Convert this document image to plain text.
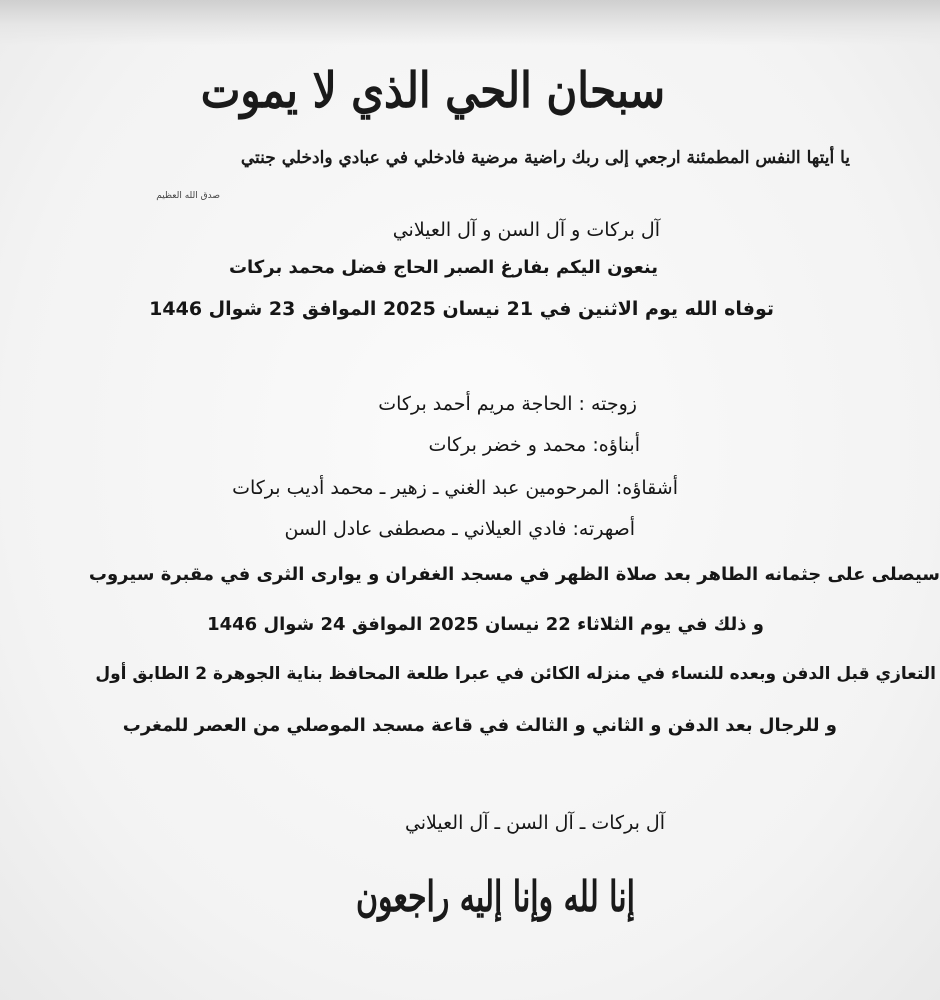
سبحان الحي الذي لا يموت
يا أيتها النفس المطمئنة ارجعي إلى ربك راضية مرضية فادخلي في عبادي وادخلي جنتي
صدق الله العظيم

آل بركات و آل السن و آل العيلاني

ينعون اليكم بفارغ الصبر الحاج فضل محمد بركات

توفاه الله يوم الاثنين في 21 نيسان 2025 الموافق 23 شوال 1446

زوجته : الحاجة مريم أحمد بركات

أبناؤه: محمد و خضر بركات

أشقاؤه: المرحومين عبد الغني ـ زهير ـ محمد أديب بركات

أصهرته: فادي العيلاني ـ مصطفى عادل السن

سيصلى على جثمانه الطاهر بعد صلاة الظهر في مسجد الغفران و يوارى الثرى في مقبرة سيروب

و ذلك في يوم الثلاثاء 22 نيسان 2025 الموافق 24 شوال 1446

التعازي قبل الدفن وبعده للنساء في منزله الكائن في عبرا طلعة المحافظ بناية الجوهرة 2 الطابق أول

و للرجال بعد الدفن و الثاني و الثالث في قاعة مسجد الموصلي من العصر للمغرب

آل بركات ـ آل السن ـ آل العيلاني

إنا لله وإنا إليه راجعون
